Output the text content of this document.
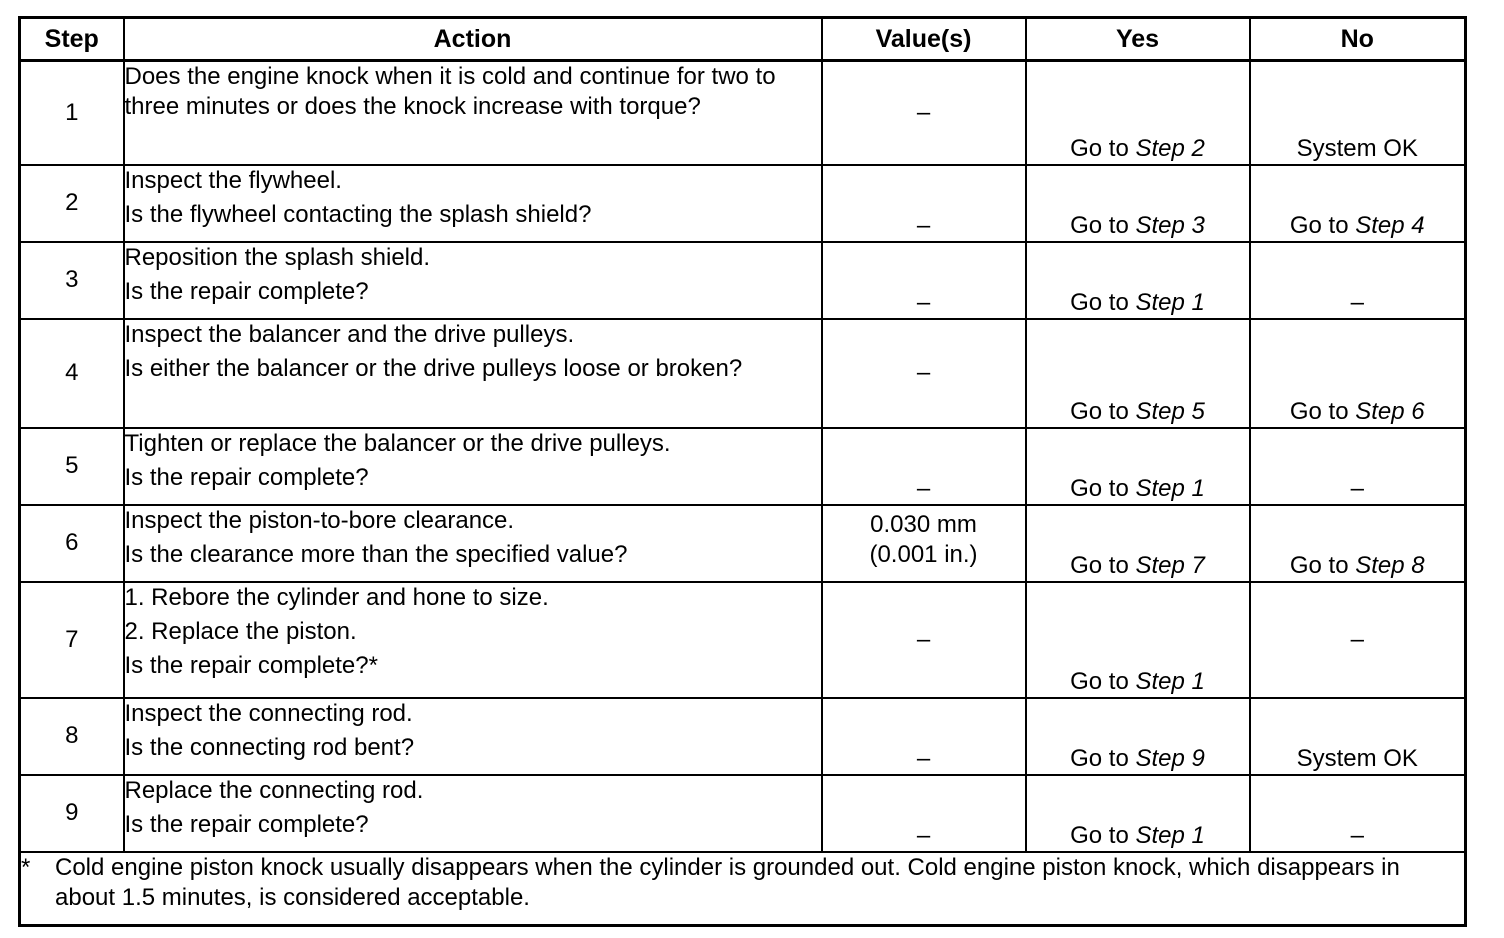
Step	Action	Value(s)	Yes	No
1	Does the engine knock when it is cold and continue for two to three minutes or does the knock increase with torque?	–	Go to Step 2	System OK
2	Inspect the flywheel.
Is the flywheel contacting the splash shield?	–	Go to Step 3	Go to Step 4
3	Reposition the splash shield.
Is the repair complete?	–	Go to Step 1	–
4	Inspect the balancer and the drive pulleys.
Is either the balancer or the drive pulleys loose or broken?	–	Go to Step 5	Go to Step 6
5	Tighten or replace the balancer or the drive pulleys.
Is the repair complete?	–	Go to Step 1	–
6	Inspect the piston-to-bore clearance.
Is the clearance more than the specified value?	0.030 mm
(0.001 in.)	Go to Step 7	Go to Step 8
7	1. Rebore the cylinder and hone to size.
2. Replace the piston.
Is the repair complete?*	–	Go to Step 1	–
8	Inspect the connecting rod.
Is the connecting rod bent?	–	Go to Step 9	System OK
9	Replace the connecting rod.
Is the repair complete?	–	Go to Step 1	–

* Cold engine piston knock usually disappears when the cylinder is grounded out. Cold engine piston knock, which disappears in about 1.5 minutes, is considered acceptable.				
